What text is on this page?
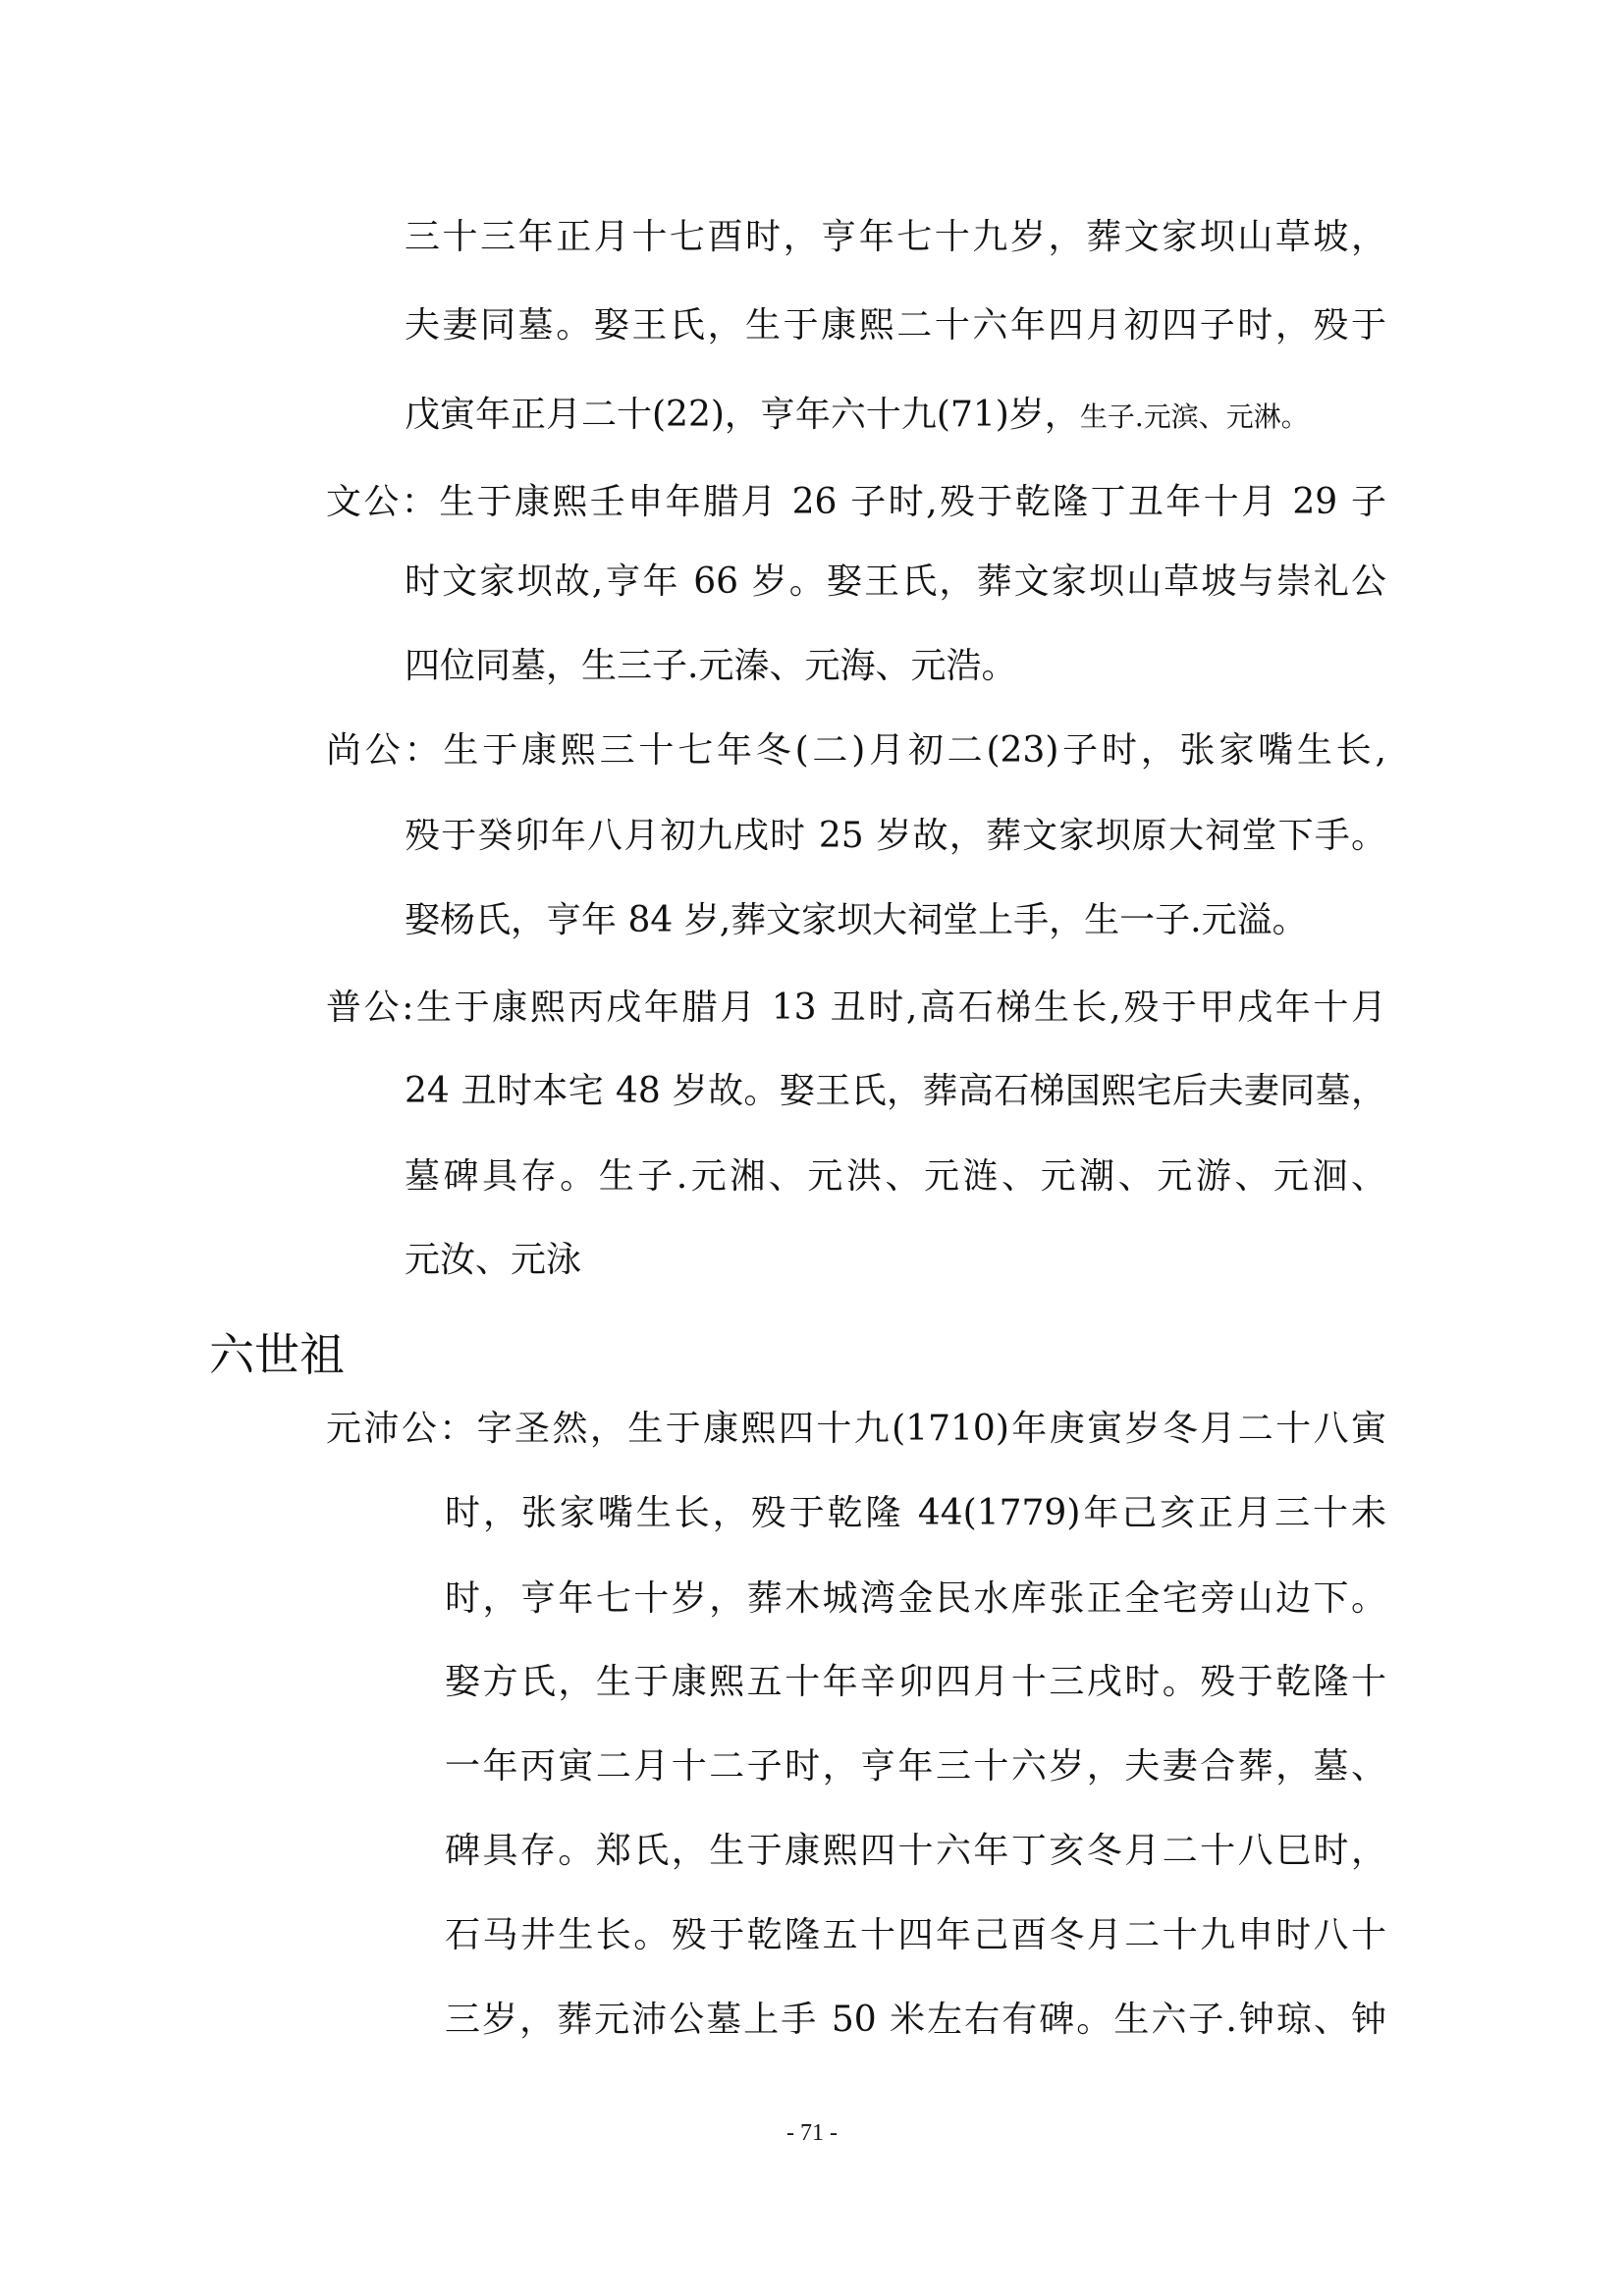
三十三年正月十七酉时，亨年七十九岁，葬文家坝山草坡，
夫妻同墓。娶王氏，生于康熙二十六年四月初四子时，殁于
戊寅年正月二十(22)，亨年六十九(71)岁，生子.元滨、元淋。
文公：生于康熙壬申年腊月 26 子时,殁于乾隆丁丑年十月 29 子
时文家坝故,亨年 66 岁。娶王氏，葬文家坝山草坡与崇礼公
四位同墓，生三子.元溱、元海、元浩。
尚公：生于康熙三十七年冬(二)月初二(23)子时，张家嘴生长,
殁于癸卯年八月初九戌时 25 岁故，葬文家坝原大祠堂下手。
娶杨氏，亨年 84 岁,葬文家坝大祠堂上手，生一子.元溢。
普公:生于康熙丙戌年腊月 13 丑时,高石梯生长,殁于甲戌年十月
24 丑时本宅 48 岁故。娶王氏，葬高石梯国熙宅后夫妻同墓，
墓碑具存。生子.元湘、元洪、元涟、元潮、元游、元洄、
元汝、元泳
六世祖
元沛公：字圣然，生于康熙四十九(1710)年庚寅岁冬月二十八寅
时，张家嘴生长，殁于乾隆 44(1779)年己亥正月三十未
时，亨年七十岁，葬木城湾金民水库张正全宅旁山边下。
娶方氏，生于康熙五十年辛卯四月十三戌时。殁于乾隆十
一年丙寅二月十二子时，亨年三十六岁，夫妻合葬，墓、
碑具存。郑氏，生于康熙四十六年丁亥冬月二十八巳时，
石马井生长。殁于乾隆五十四年己酉冬月二十九申时八十
三岁，葬元沛公墓上手 50 米左右有碑。生六子.钟琼、钟
- 71 -
